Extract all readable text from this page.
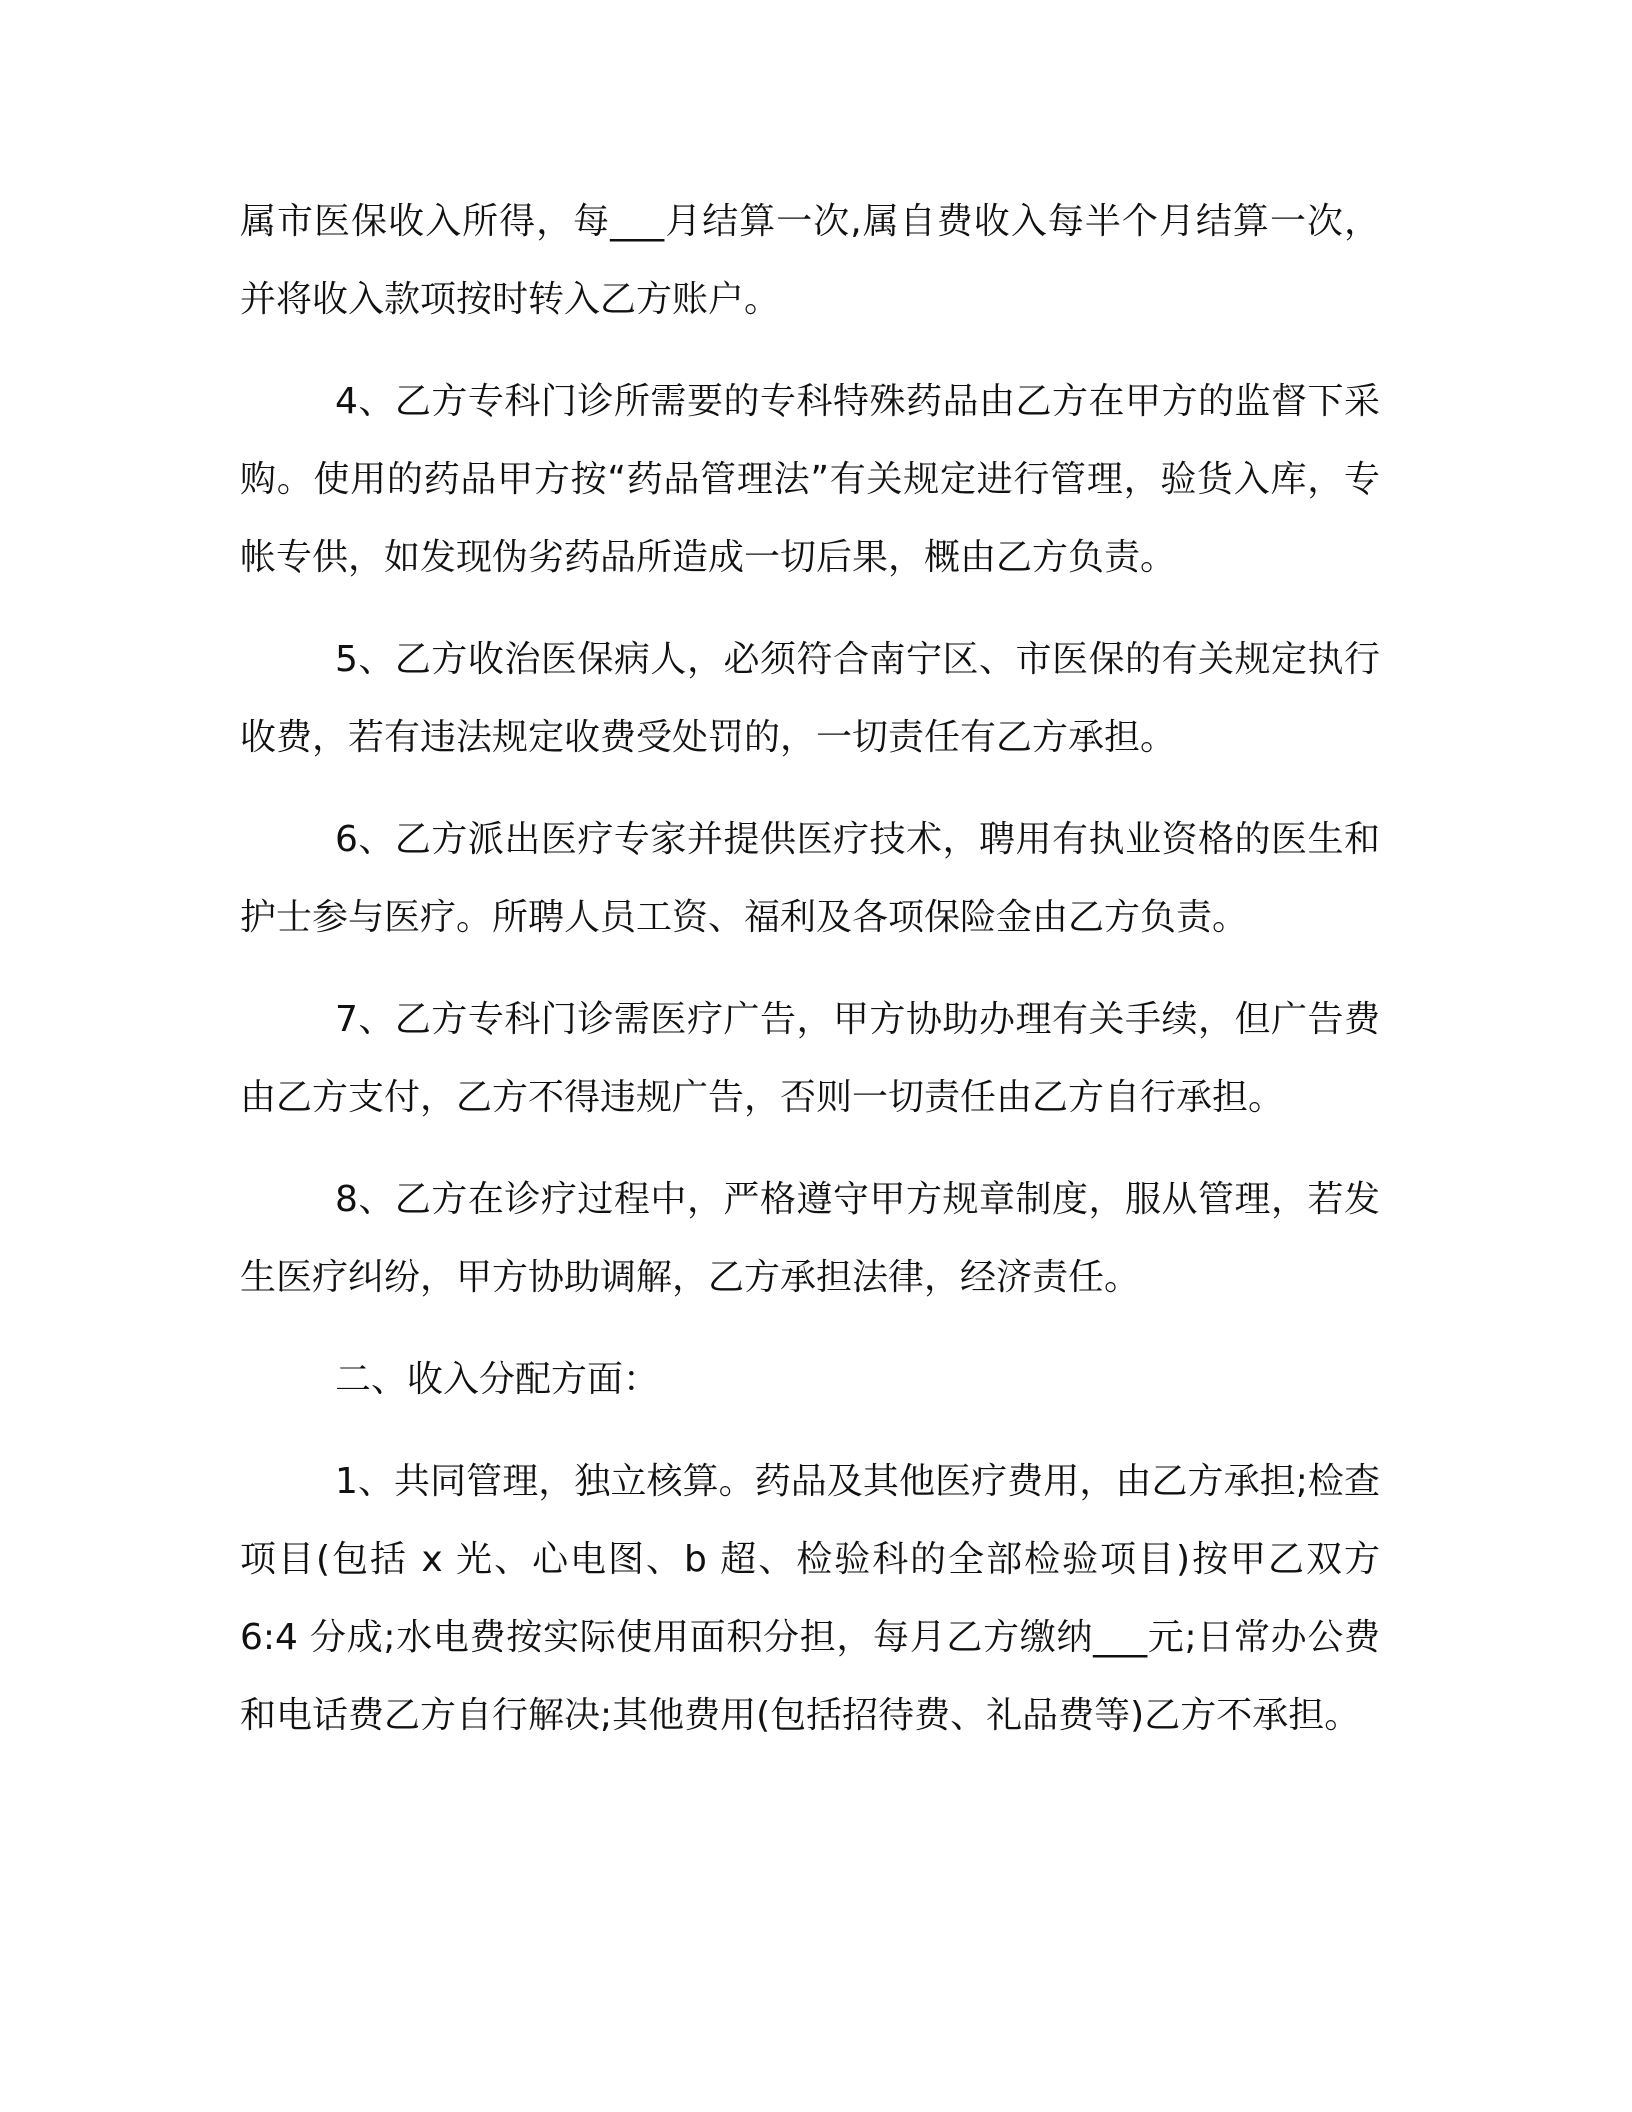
属市医保收入所得，每___月结算一次,属自费收入每半个月结算一次，并将收入款项按时转入乙方账户。

4、乙方专科门诊所需要的专科特殊药品由乙方在甲方的监督下采购。使用的药品甲方按“药品管理法”有关规定进行管理，验货入库，专帐专供，如发现伪劣药品所造成一切后果，概由乙方负责。

5、乙方收治医保病人，必须符合南宁区、市医保的有关规定执行收费，若有违法规定收费受处罚的，一切责任有乙方承担。

6、乙方派出医疗专家并提供医疗技术，聘用有执业资格的医生和护士参与医疗。所聘人员工资、福利及各项保险金由乙方负责。

7、乙方专科门诊需医疗广告，甲方协助办理有关手续，但广告费由乙方支付，乙方不得违规广告，否则一切责任由乙方自行承担。

8、乙方在诊疗过程中，严格遵守甲方规章制度，服从管理，若发生医疗纠纷，甲方协助调解，乙方承担法律，经济责任。

二、收入分配方面：

1、共同管理，独立核算。药品及其他医疗费用，由乙方承担;检查项目(包括 x 光、心电图、b 超、检验科的全部检验项目)按甲乙双方 6:4 分成;水电费按实际使用面积分担，每月乙方缴纳___元;日常办公费和电话费乙方自行解决;其他费用(包括招待费、礼品费等)乙方不承担。
